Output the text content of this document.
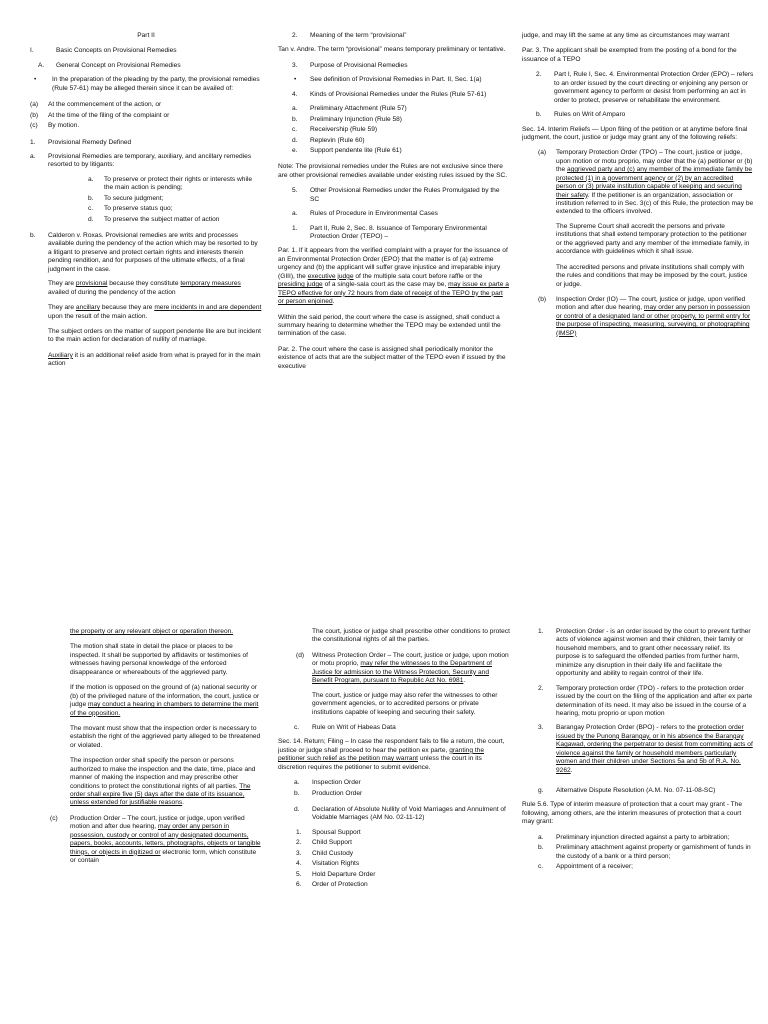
Part II

I.	Basic Concepts on Provisional Remedies
A.	General Concept on Provisional Remedies
•	In the preparation of the pleading by the party, the provisional remedies (Rule 57-61) may be alleged therein since it can be availed of:
(a)	At the commencement of the action, or
(b)	At the time of the filing of the complaint or
(c)	By motion.
1.	Provisional Remedy Defined
a.	Provisional Remedies are temporary, auxiliary, and ancillary remedies resorted to by litigants:
a.	To preserve or protect their rights or interests while the main action is pending;
b.	To secure judgment;
c.	To preserve status quo;
d.	To preserve the subject matter of action
b.	Calderon v. Roxas. Provisional remedies are writs and processes available during the pendency of the action which may be resorted to by a litigant to preserve and protect certain rights and interests therein pending rendition, and for purposes of the ultimate effects, of a final judgment in the case.

They are provisional because they constitute temporary measures availed of during the pendency of the action

They are ancillary because they are mere incidents in and are dependent upon the result of the main action.

The subject orders on the matter of support pendente lite are but incident to the main action for declaration of nullity of marriage.

Auxiliary it is an additional relief aside from what is prayed for in the main action

2.	Meaning of the term “provisional”

Tan v. Andre. The term “provisional” means temporary preliminary or tentative.

3.	Purpose of Provisional Remedies
•	See definition of Provisional Remedies in Part. II, Sec. 1(a)
4.	Kinds of Provisional Remedies under the Rules (Rule 57-61)
a.	Preliminary Attachment (Rule 57)
b.	Preliminary Injunction (Rule 58)
c.	Receivership (Rule 59)
d.	Replevin (Rule 60)
e.	Support pendente lite (Rule 61)

Note: The provisional remedies under the Rules are not exclusive since there are other provisional remedies available under existing rules issued by the SC.

5.	Other Provisional Remedies under the Rules Promulgated by the SC
a.	Rules of Procedure in Environmental Cases
1.	Part II, Rule 2, Sec. 8. Issuance of Temporary Environmental Protection Order (TEPO) –

Par. 1. If it appears from the verified complaint with a prayer for the issuance of an Environmental Protection Order (EPO) that the matter is of (a) extreme urgency and (b) the applicant will suffer grave injustice and irreparable injury (GIII), the executive judge of the multiple sala court before raffle or the presiding judge of a single-sala court as the case may be, may issue ex parte a TEPO effective for only 72 hours from date of receipt of the TEPO by the part or person enjoined.

Within the said period, the court where the case is assigned, shall conduct a summary hearing to determine whether the TEPO may be extended until the termination of the case.

Par. 2. The court where the case is assigned shall periodically monitor the existence of acts that are the subject matter of the TEPO even if issued by the executive

judge, and may lift the same at any time as circumstances may warrant

Par. 3. The applicant shall be exempted from the posting of a bond for the issuance of a TEPO

2.	Part I, Rule I, Sec. 4. Environmental Protection Order (EPO) – refers to an order issued by the court directing or enjoining any person or government agency to perform or desist from performing an act in order to protect, preserve or rehabilitate the environment.
b.	Rules on Writ of Amparo

Sec. 14. Interim Reliefs — Upon filing of the petition or at anytime before final judgment, the court, justice or judge may grant any of the following reliefs:

(a)	Temporary Protection Order (TPO) – The court, justice or judge, upon motion or motu proprio, may order that the (a) petitioner or (b) the aggrieved party and (c) any member of the immediate family be protected (1) in a government agency or (2) by an accredited person or (3) private institution capable of keeping and securing their safety. If the petitioner is an organization, association or institution referred to in Sec. 3(c) of this Rule, the protection may be extended to the officers involved.

The Supreme Court shall accredit the persons and private institutions that shall extend temporary protection to the petitioner or the aggrieved party and any member of the immediate family, in accordance with guidelines which it shall issue.

The accredited persons and private institutions shall comply with the rules and conditions that may be imposed by the court, justice or judge.

(b)	Inspection Order (IO) — The court, justice or judge, upon verified motion and after due hearing, may order any person in possession or control of a designated land or other property, to permit entry for the purpose of inspecting, measuring, surveying, or photographing (IMSP)

the property or any relevant object or operation thereon.

The motion shall state in detail the place or places to be inspected. It shall be supported by affidavits or testimonies of witnesses having personal knowledge of the enforced disappearance or whereabouts of the aggrieved party.

If the motion is opposed on the ground of (a) national security or (b) of the privileged nature of the information, the court, justice or judge may conduct a hearing in chambers to determine the merit of the opposition.

The movant must show that the inspection order is necessary to establish the right of the aggrieved party alleged to be threatened or violated.

The inspection order shall specify the person or persons authorized to make the inspection and the date, time, place and manner of making the inspection and may prescribe other conditions to protect the constitutional rights of all parties. The order shall expire five (5) days after the date of its issuance, unless extended for justifiable reasons.

(c)	Production Order – The court, justice or judge, upon verified motion and after due hearing, may order any person in possession, custody or control of any designated documents, papers, books, accounts, letters, photographs, objects or tangible things, or objects in digitized or electronic form, which constitute or contain

The court, justice or judge shall prescribe other conditions to protect the constitutional rights of all the parties.

(d)	Witness Protection Order – The court, justice or judge, upon motion or motu proprio, may refer the witnesses to the Department of Justice for admission to the Witness Protection, Security and Benefit Program, pursuant to Republic Act No. 6981.

The court, justice or judge may also refer the witnesses to other government agencies, or to accredited persons or private institutions capable of keeping and securing their safety.

c.	Rule on Writ of Habeas Data

Sec. 14. Return; Filing – In case the respondent fails to file a return, the court, justice or judge shall proceed to hear the petition ex parte, granting the petitioner such relief as the petition may warrant unless the court in its discretion requires the petitioner to submit evidence.

a.	Inspection Order
b.	Production Order
d.	Declaration of Absolute Nullity of Void Marriages and Annulment of Voidable Marriages (AM No. 02-11-12)
1.	Spousal Support
2.	Child Support
3.	Child Custody
4.	Visitation Rights
5.	Hold Departure Order
6.	Order of Protection
1.	Protection Order - is an order issued by the court to prevent further acts of violence against women and their children, their family or household members, and to grant other necessary relief. Its purpose is to safeguard the offended parties from further harm, minimize any disruption in their daily life and facilitate the opportunity and ability to regain control of their life.
2.	Temporary protection order (TPO) - refers to the protection order issued by the court on the filing of the application and after ex parte determination of its need. It may also be issued in the course of a hearing, motu proprio or upon motion
3.	Barangay Protection Order (BPO) - refers to the protection order issued by the Punong Barangay, or in his absence the Barangay Kagawad, ordering the perpetrator to desist from committing acts of violence against the family or household members particularly women and their children under Sections 5a and 5b of R.A. No. 9262.
g.	Alternative Dispute Resolution (A.M. No. 07-11-08-SC)

Rule 5.6. Type of interim measure of protection that a court may grant - The following, among others, are the interim measures of protection that a court may grant:

a.	Preliminary injunction directed against a party to arbitration;
b.	Preliminary attachment against property or garnishment of funds in the custody of a bank or a third person;
c.	Appointment of a receiver;
